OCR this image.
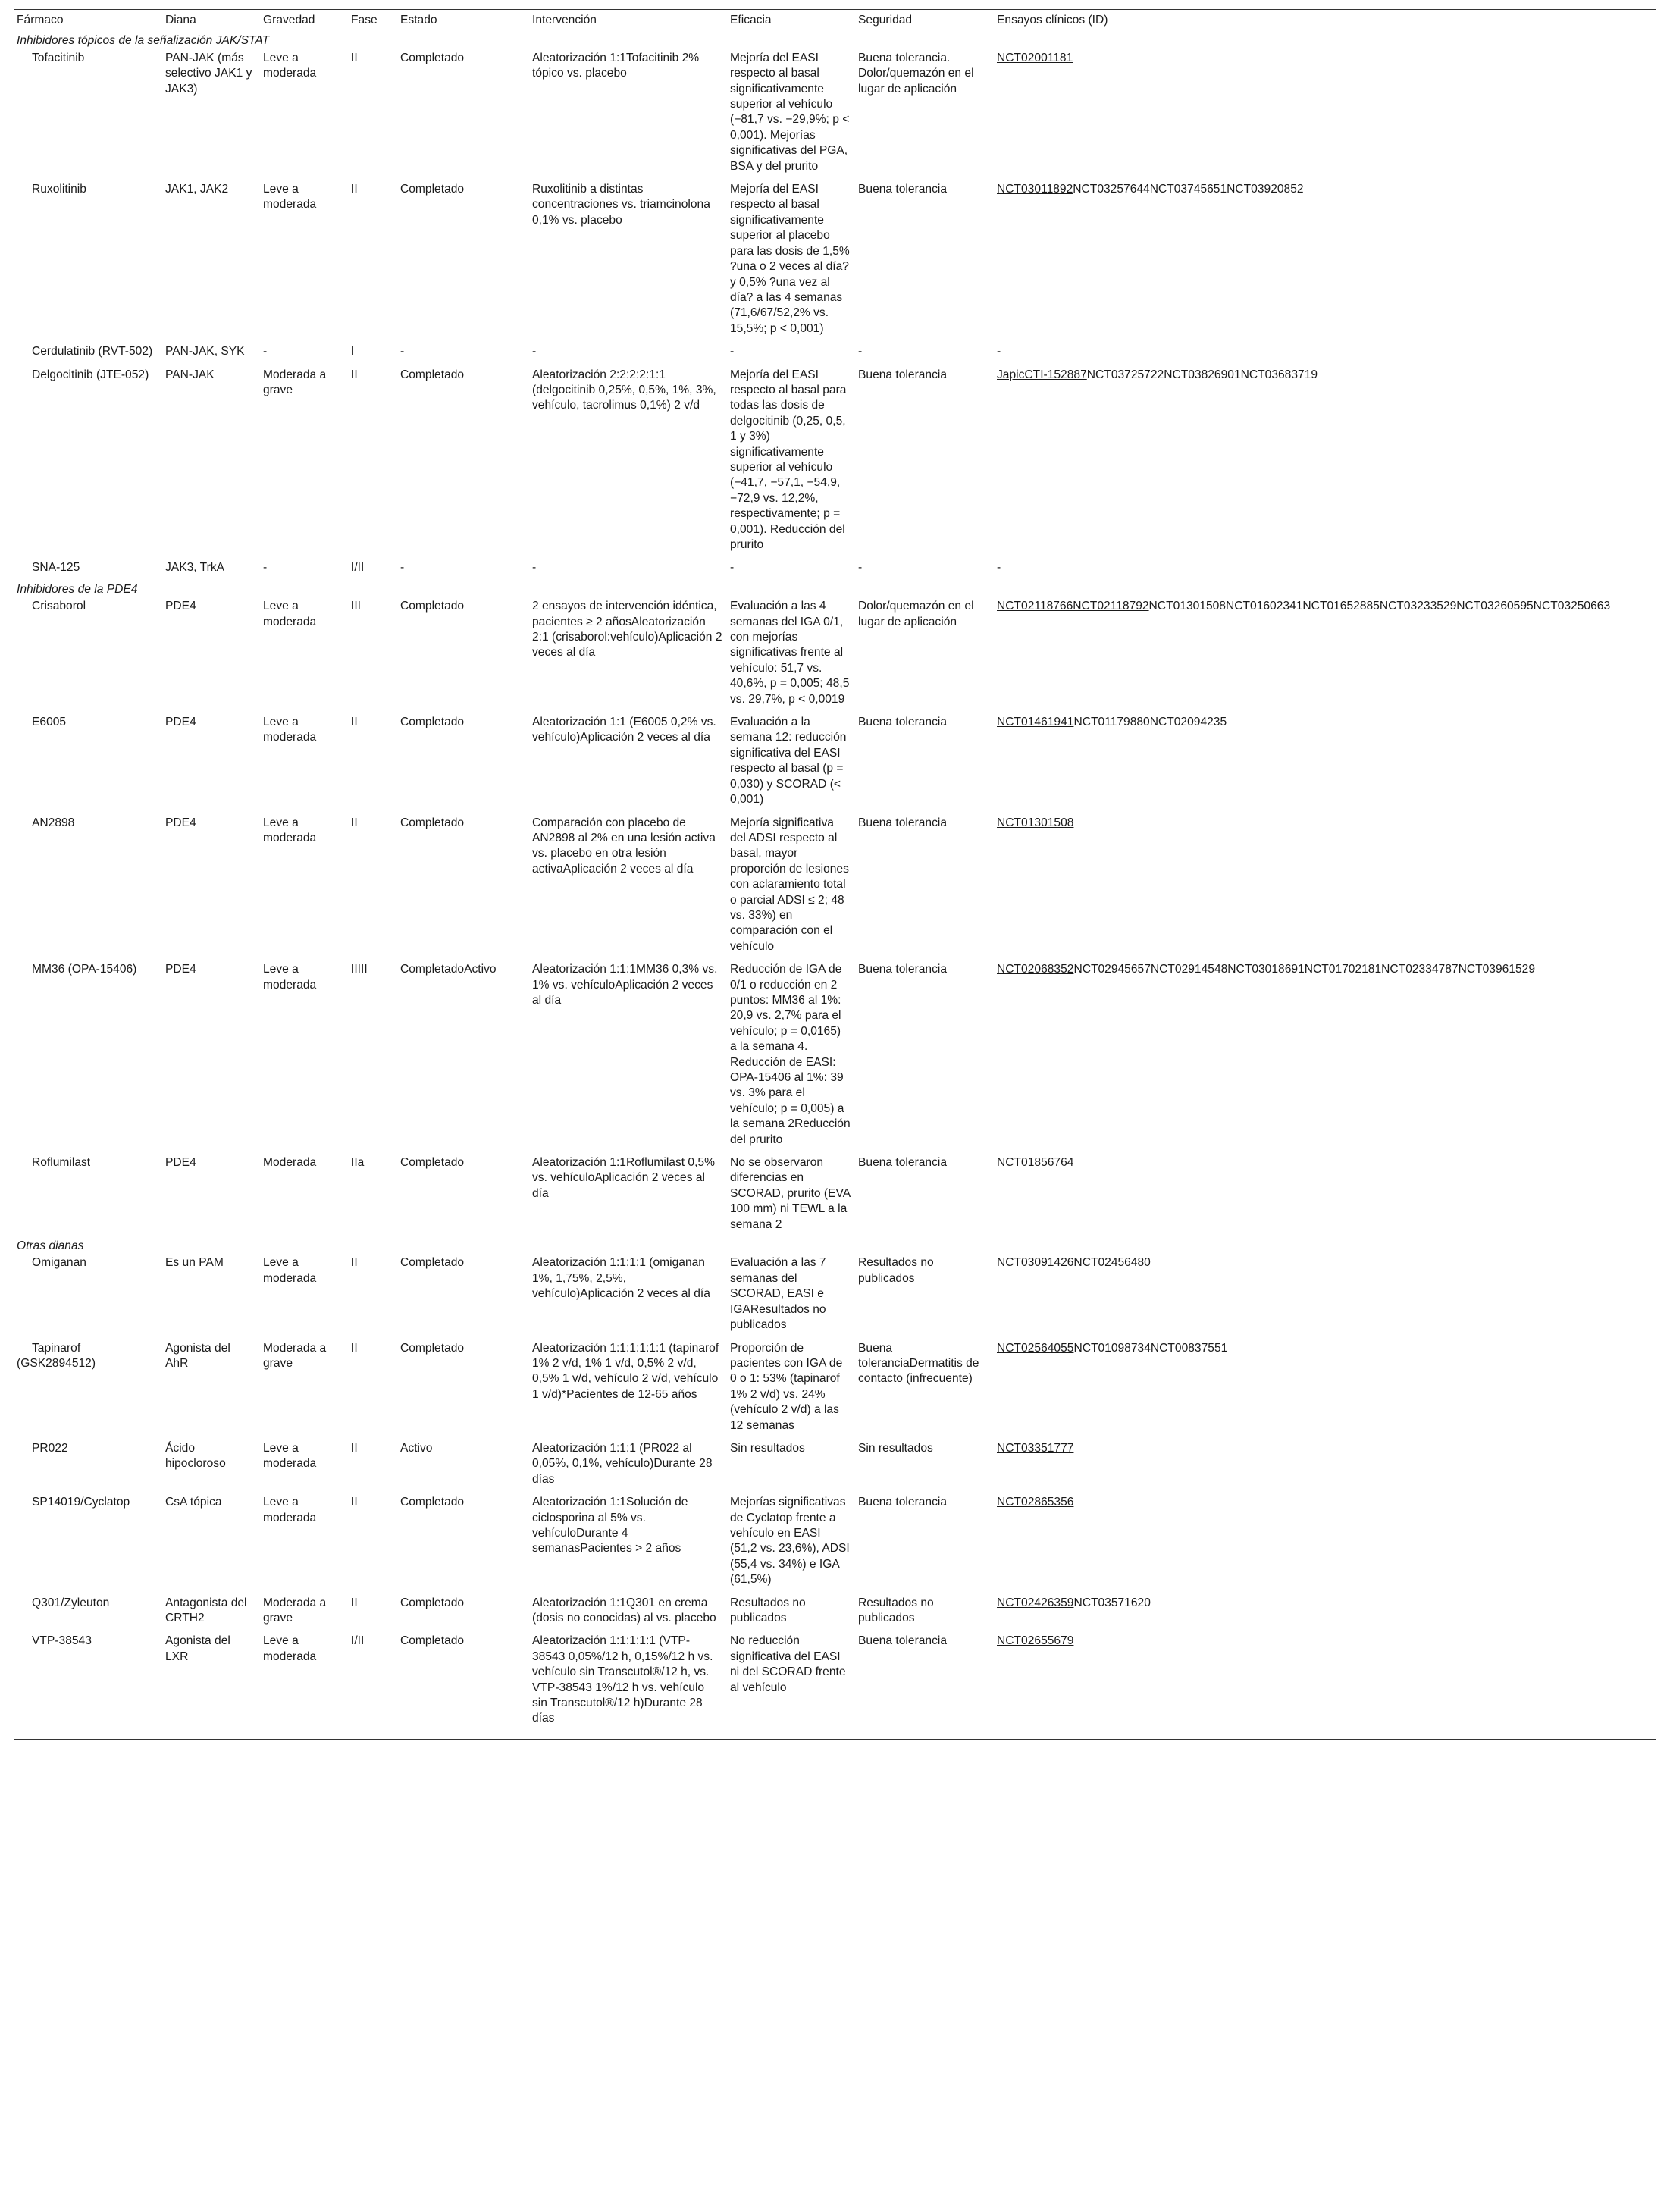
Fármaco	Diana	Gravedad	Fase	Estado	Intervención	Eficacia	Seguridad	Ensayos clínicos (ID)
Inhibidores tópicos de la señalización JAK/STAT								
Tofacitinib	PAN-JAK (más selectivo JAK1 y JAK3)	Leve a moderada	II	Completado	Aleatorización 1:1Tofacitinib 2% tópico vs. placebo	Mejoría del EASI respecto al basal significativamente superior al vehículo (−81,7 vs. −29,9%; p < 0,001). Mejorías significativas del PGA, BSA y del prurito	Buena tolerancia. Dolor/quemazón en el lugar de aplicación	NCT02001181
Ruxolitinib	JAK1, JAK2	Leve a moderada	II	Completado	Ruxolitinib a distintas concentraciones vs. triamcinolona 0,1% vs. placebo	Mejoría del EASI respecto al basal significativamente superior al placebo para las dosis de 1,5% ?una o 2 veces al día? y 0,5% ?una vez al día? a las 4 semanas (71,6/67/52,2% vs. 15,5%; p < 0,001)	Buena tolerancia	NCT03011892NCT03257644NCT03745651NCT03920852
Cerdulatinib (RVT-502)	PAN-JAK, SYK	-	I	-	-	-	-	-
Delgocitinib (JTE-052)	PAN-JAK	Moderada a grave	II	Completado	Aleatorización 2:2:2:2:1:1 (delgocitinib 0,25%, 0,5%, 1%, 3%, vehículo, tacrolimus 0,1%) 2 v/d	Mejoría del EASI respecto al basal para todas las dosis de delgocitinib (0,25, 0,5, 1 y 3%) significativamente superior al vehículo (−41,7, −57,1, −54,9, −72,9 vs. 12,2%, respectivamente; p = 0,001). Reducción del prurito	Buena tolerancia	JapicCTI-152887NCT03725722NCT03826901NCT03683719
SNA-125	JAK3, TrkA	-	I/II	-	-	-	-	-
Inhibidores de la PDE4								
Crisaborol	PDE4	Leve a moderada	III	Completado	2 ensayos de intervención idéntica, pacientes ≥ 2 añosAleatorización 2:1 (crisaborol:vehículo)Aplicación 2 veces al día	Evaluación a las 4 semanas del IGA 0/1, con mejorías significativas frente al vehículo: 51,7 vs. 40,6%, p = 0,005; 48,5 vs. 29,7%, p < 0,0019	Dolor/quemazón en el lugar de aplicación	NCT02118766NCT02118792NCT01301508NCT01602341NCT01652885NCT03233529NCT03260595NCT03250663
E6005	PDE4	Leve a moderada	II	Completado	Aleatorización 1:1 (E6005 0,2% vs. vehículo)Aplicación 2 veces al día	Evaluación a la semana 12: reducción significativa del EASI respecto al basal (p = 0,030) y SCORAD (< 0,001)	Buena tolerancia	NCT01461941NCT01179880NCT02094235
AN2898	PDE4	Leve a moderada	II	Completado	Comparación con placebo de AN2898 al 2% en una lesión activa vs. placebo en otra lesión activaAplicación 2 veces al día	Mejoría significativa del ADSI respecto al basal, mayor proporción de lesiones con aclaramiento total o parcial ADSI ≤ 2; 48 vs. 33%) en comparación con el vehículo	Buena tolerancia	NCT01301508
MM36 (OPA-15406)	PDE4	Leve a moderada	IIIII	CompletadoActivo	Aleatorización 1:1:1MM36 0,3% vs. 1% vs. vehículoAplicación 2 veces al día	Reducción de IGA de 0/1 o reducción en 2 puntos: MM36 al 1%: 20,9 vs. 2,7% para el vehículo; p = 0,0165) a la semana 4. Reducción de EASI: OPA-15406 al 1%: 39 vs. 3% para el vehículo; p = 0,005) a la semana 2Reducción del prurito	Buena tolerancia	NCT02068352NCT02945657NCT02914548NCT03018691NCT01702181NCT02334787NCT03961529
Roflumilast	PDE4	Moderada	IIa	Completado	Aleatorización 1:1Roflumilast 0,5% vs. vehículoAplicación 2 veces al día	No se observaron diferencias en SCORAD, prurito (EVA 100 mm) ni TEWL a la semana 2	Buena tolerancia	NCT01856764
Otras dianas								
Omiganan	Es un PAM	Leve a moderada	II	Completado	Aleatorización 1:1:1:1 (omiganan 1%, 1,75%, 2,5%, vehículo)Aplicación 2 veces al día	Evaluación a las 7 semanas del SCORAD, EASI e IGAResultados no publicados	Resultados no publicados	NCT03091426NCT02456480
Tapinarof (GSK2894512)	Agonista del AhR	Moderada a grave	II	Completado	Aleatorización 1:1:1:1:1:1 (tapinarof 1% 2 v/d, 1% 1 v/d, 0,5% 2 v/d, 0,5% 1 v/d, vehículo 2 v/d, vehículo 1 v/d)*Pacientes de 12-65 años	Proporción de pacientes con IGA de 0 o 1: 53% (tapinarof 1% 2 v/d) vs. 24% (vehículo 2 v/d) a las 12 semanas	Buena toleranciaDermatitis de contacto (infrecuente)	NCT02564055NCT01098734NCT00837551
PR022	Ácido hipocloroso	Leve a moderada	II	Activo	Aleatorización 1:1:1 (PR022 al 0,05%, 0,1%, vehículo)Durante 28 días	Sin resultados	Sin resultados	NCT03351777
SP14019/Cyclatop	CsA tópica	Leve a moderada	II	Completado	Aleatorización 1:1Solución de ciclosporina al 5% vs. vehículoDurante 4 semanasPacientes > 2 años	Mejorías significativas de Cyclatop frente a vehículo en EASI (51,2 vs. 23,6%), ADSI (55,4 vs. 34%) e IGA (61,5%)	Buena tolerancia	NCT02865356
Q301/Zyleuton	Antagonista del CRTH2	Moderada a grave	II	Completado	Aleatorización 1:1Q301 en crema (dosis no conocidas) al vs. placebo	Resultados no publicados	Resultados no publicados	NCT02426359NCT03571620
VTP-38543	Agonista del LXR	Leve a moderada	I/II	Completado	Aleatorización 1:1:1:1:1 (VTP-38543 0,05%/12 h, 0,15%/12 h vs. vehículo sin Transcutol®/12 h, vs. VTP-38543 1%/12 h vs. vehículo sin Transcutol®/12 h)Durante 28 días	No reducción significativa del EASI ni del SCORAD frente al vehículo	Buena tolerancia	NCT02655679
